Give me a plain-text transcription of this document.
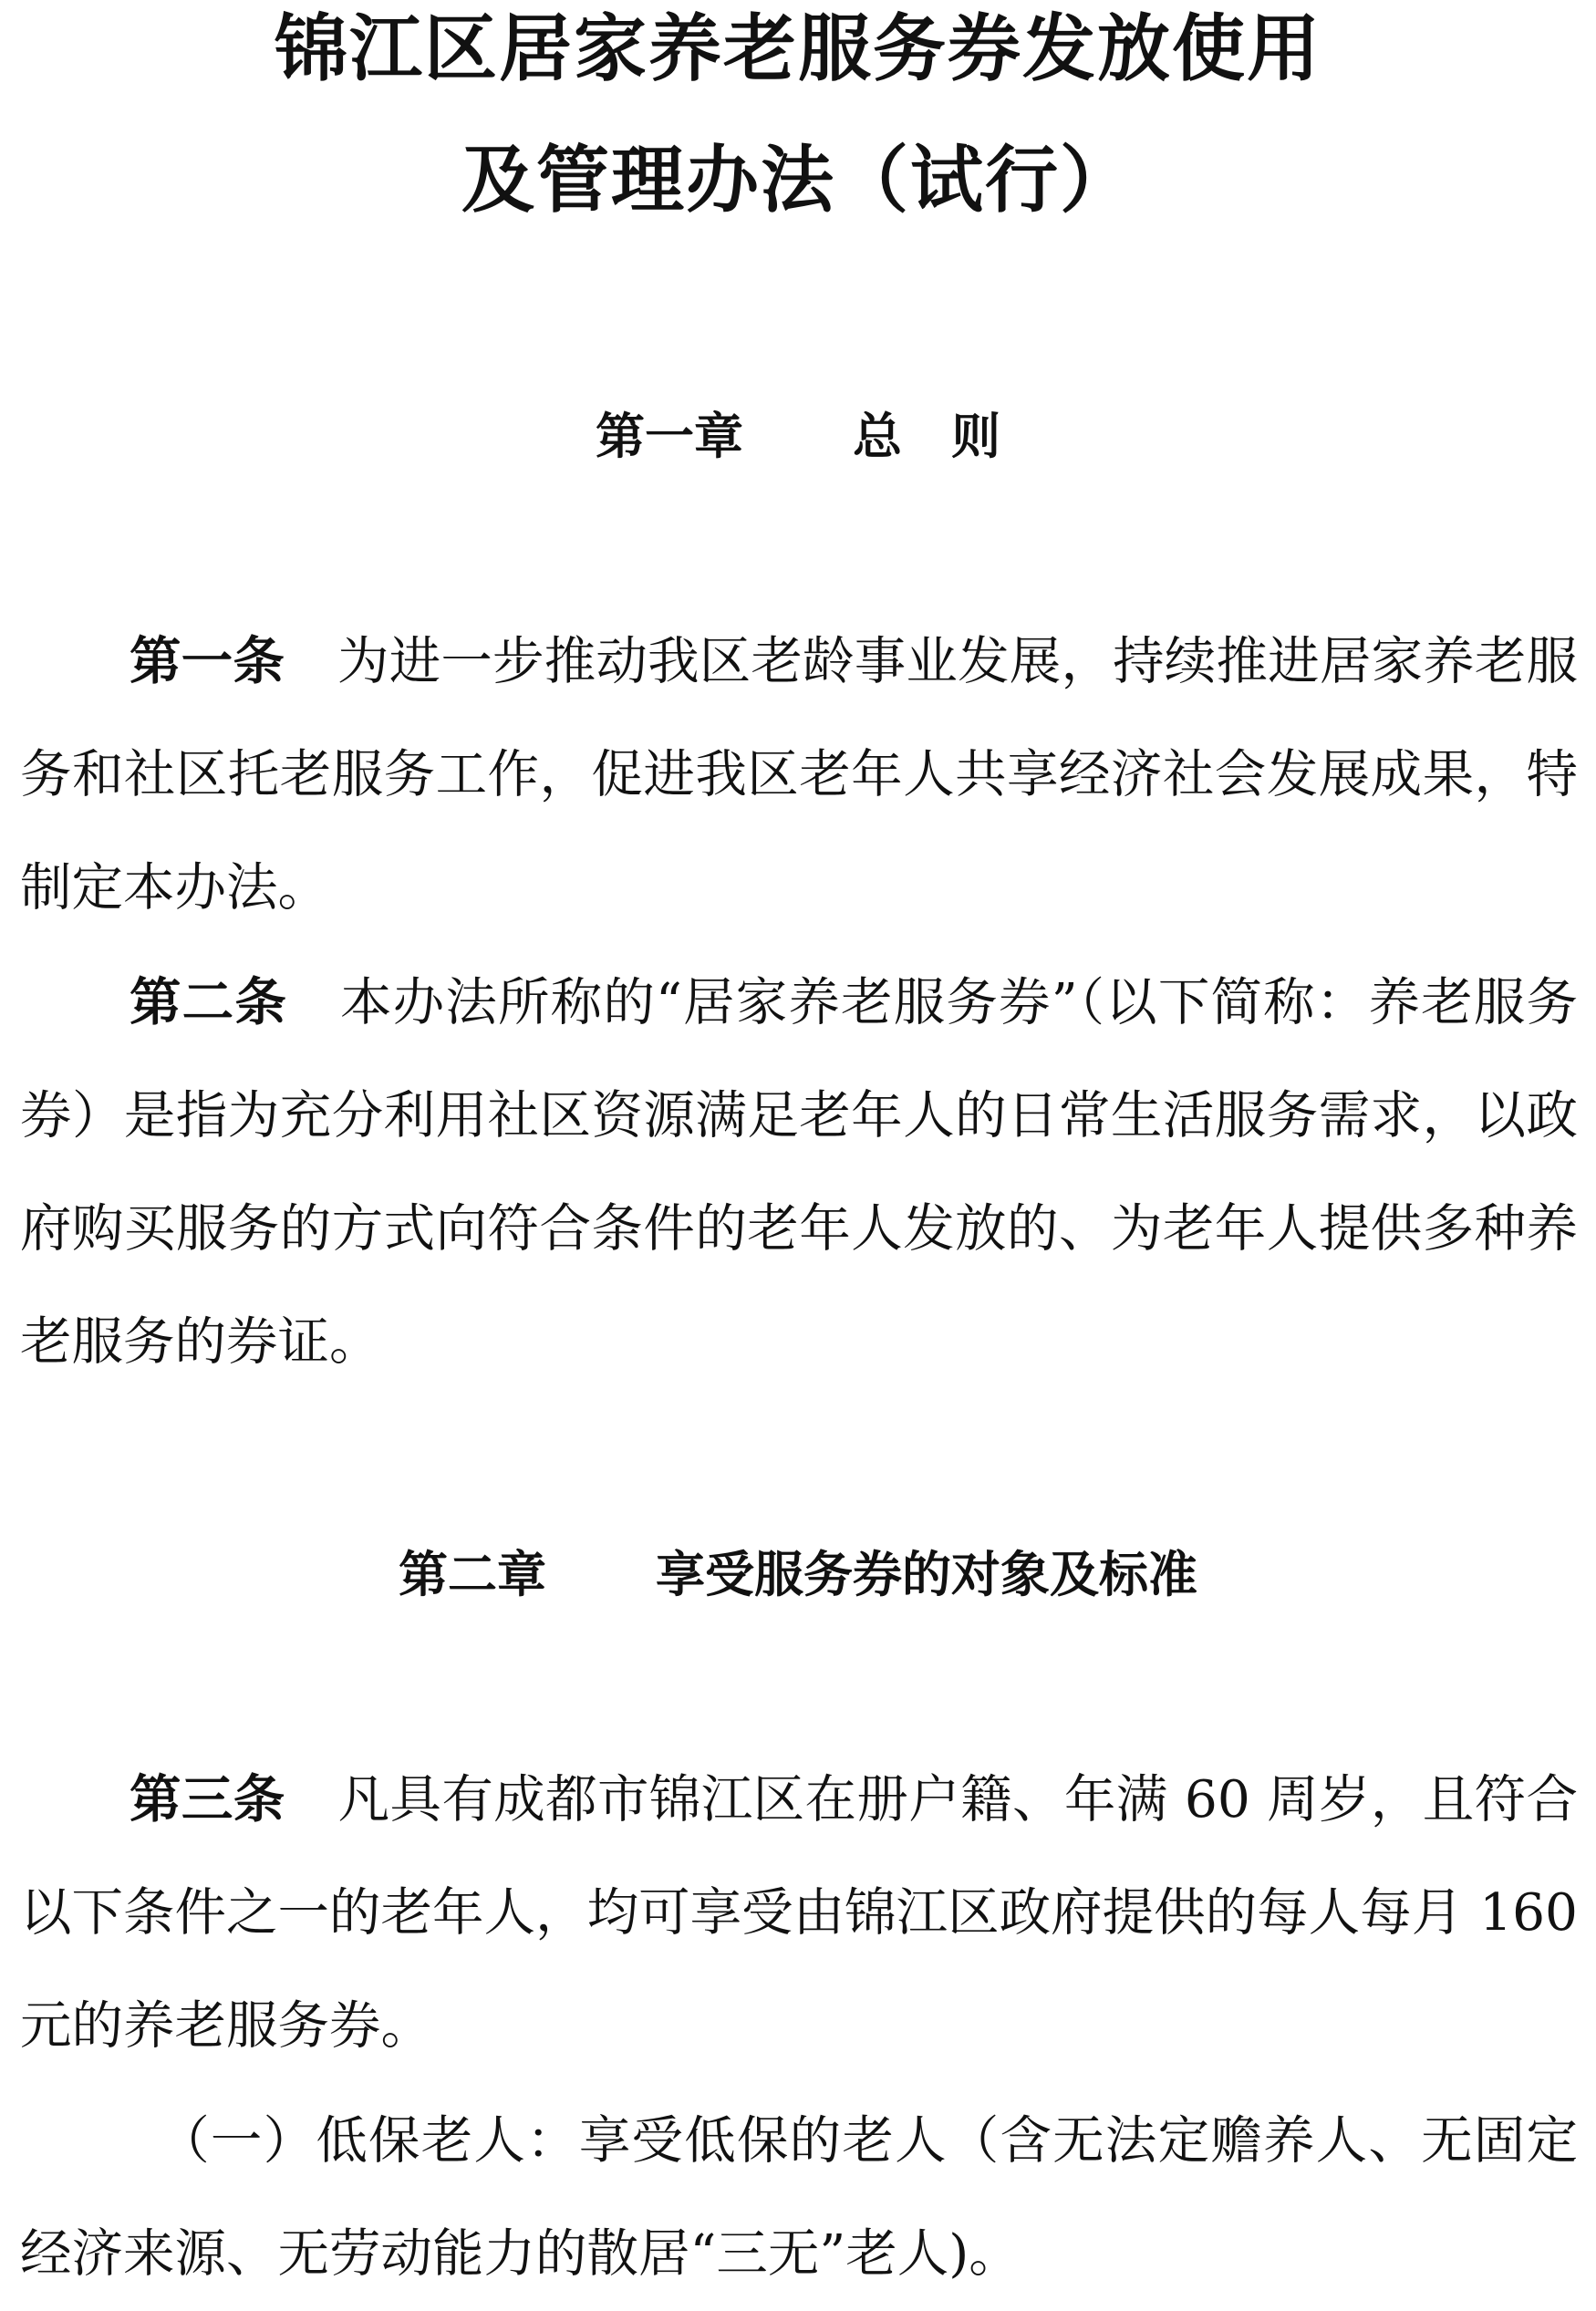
锦江区居家养老服务券发放使用
及管理办法（试行）
第一章 总　则
第一条 为进一步推动我区老龄事业发展，持续推进居家养老服务和社区托老服务工作，促进我区老年人共享经济社会发展成果，特制定本办法。
第二条 本办法所称的“居家养老服务券”（以下简称：养老服务券）是指为充分利用社区资源满足老年人的日常生活服务需求，以政府购买服务的方式向符合条件的老年人发放的、为老年人提供多种养老服务的券证。
第二章 享受服务券的对象及标准
第三条 凡具有成都市锦江区在册户籍、年满 60 周岁，且符合以下条件之一的老年人，均可享受由锦江区政府提供的每人每月 160 元的养老服务券。
（一）低保老人：享受低保的老人（含无法定赡养人、无固定经济来源、无劳动能力的散居“三无”老人)。
